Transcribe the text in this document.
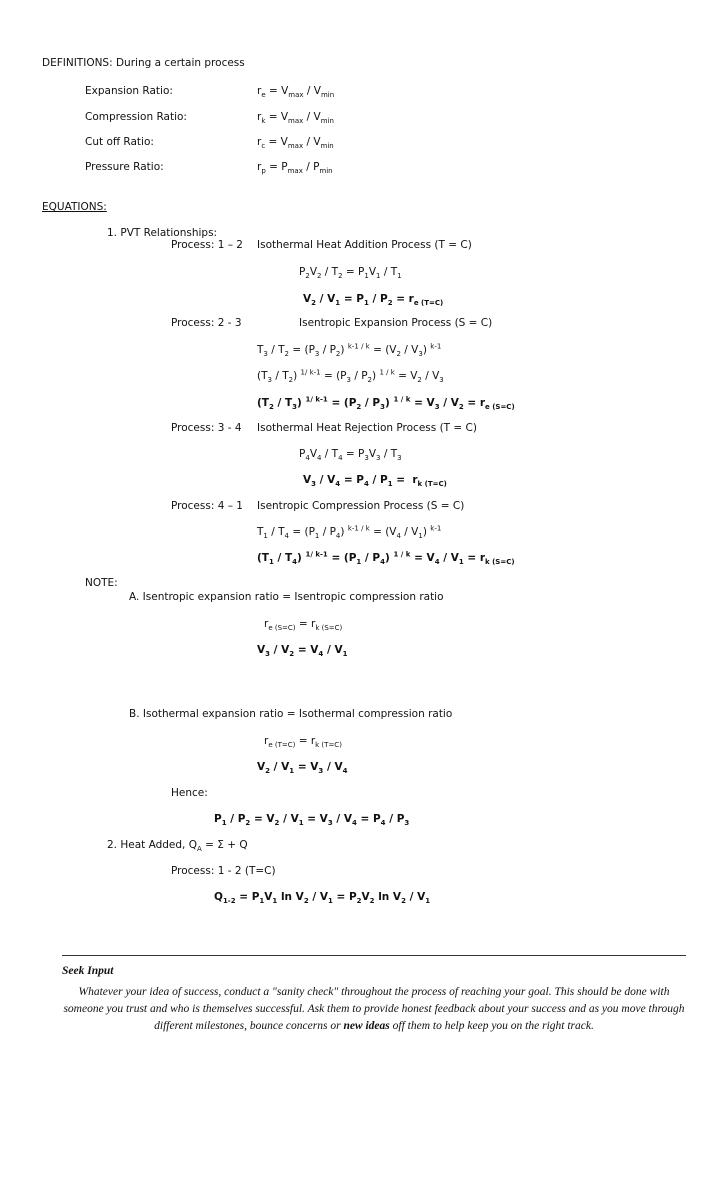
DEFINITIONS: During a certain process
Expansion Ratio:	$r_e = V_{max} / V_{min}$
Compression Ratio:	$r_k = V_{max} / V_{min}$
Cut off Ratio:	$r_c = V_{max} / V_{min}$
Pressure Ratio:	$r_p = P_{max} / P_{min}$
EQUATIONS:
1. PVT Relationships:
Process: 1 – 2 Isothermal Heat Addition Process (T = C)
$P_2V_2 / T_2 = P_1V_1 / T_1$
$V_2 / V_1 = P_1 / P_2 = r_{e (T=C)}$
Process: 2 - 3	Isentropic Expansion Process (S = C)
$T_3 / T_2 = (P_3 / P_2) ^{k-1 / k} = (V_2 / V_3)$ $^{k-1}$
$(T_3 / T_2) ^{1/ k-1} = (P_3 / P_2) ^{1 / k} = V_2 / V_3$
$(T_2 / T_3) ^{1/ k-1} = (P_2 / P_3) ^{1 / k} = V_3 / V_2 = r_{e (S=C)}$
Process: 3 - 4 Isothermal Heat Rejection Process (T = C)
$P_4V_4 / T_4 = P_3V_3 / T_3$
$V_3 / V_4 = P_4 / P_1 = r_{k (T=C)}$
Process: 4 – 1 Isentropic Compression Process (S = C)
$T_1 / T_4 = (P_1 / P_4) ^{k-1 / k} = (V_4 / V_1)$ $^{k-1}$
$(T_1 / T_4) ^{1/ k-1} = (P_1 / P_4) ^{1 / k} = V_4 / V_1 = r_{k (S=C)}$
NOTE:
A. Isentropic expansion ratio = Isentropic compression ratio
$r_{e (S=C)} = r_{k (S=C)}$
$V_3 / V_2 = V_4 / V_1$
B. Isothermal expansion ratio = Isothermal compression ratio
$r_{e (T=C)} = r_{k (T=C)}$
$V_2 / V_1 = V_3 / V_4$
Hence:
$P_1 / P_2 = V_2 / V_1 = V_3 / V_4 = P_4 / P_3$
2. Heat Added, $Q_A = \Sigma + Q$
Process: 1 - 2 (T=C)
$Q_{1-2} = P_1V_1$ $\ln V_2 / V_1 = P_2V_2$ $\ln V_2 / V_1$
Seek Input
Whatever your idea of success, conduct a "sanity check" throughout the process of reaching your goal. This should be done with someone you trust and who is themselves successful. Ask them to provide honest feedback about your success and as you move through different milestones, bounce concerns or new ideas off them to help keep you on the right track.
